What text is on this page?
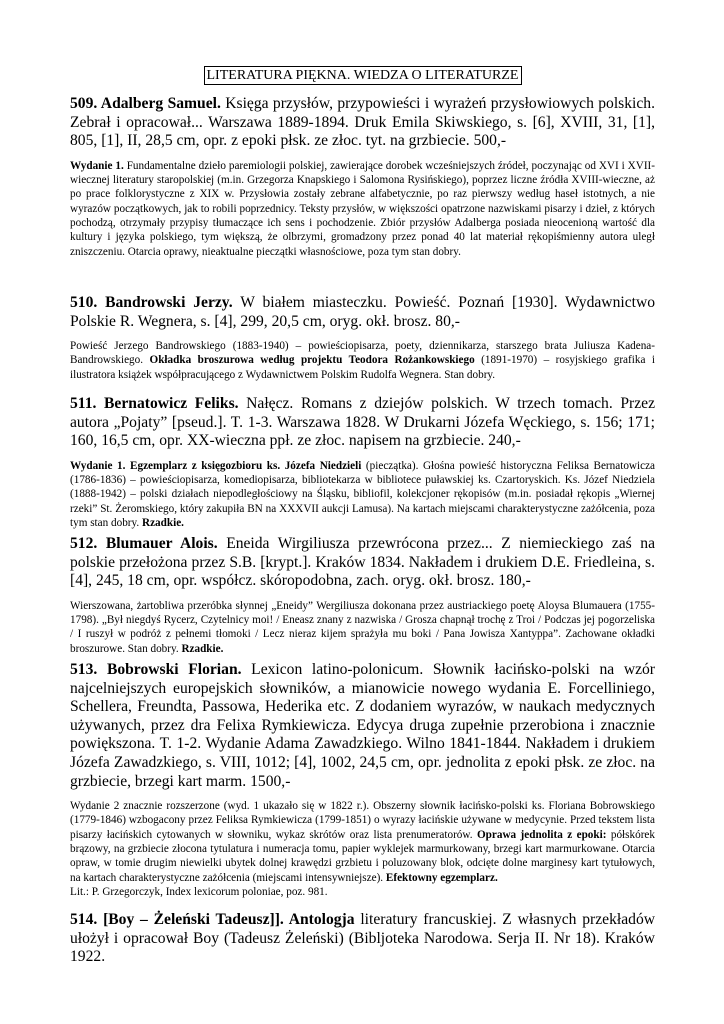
LITERATURA PIĘKNA. WIEDZA O LITERATURZE

509. Adalberg Samuel. Księga przysłów, przypowieści i wyrażeń przysłowiowych polskich. Zebrał i opracował... Warszawa 1889-1894. Druk Emila Skiwskiego, s. [6], XVIII, 31, [1], 805, [1], II, 28,5 cm, opr. z epoki płsk. ze złoc. tyt. na grzbiecie. 500,-

Wydanie 1. Fundamentalne dzieło paremiologii polskiej, zawierające dorobek wcześniejszych źródeł, poczynając od XVI i XVII-wiecznej literatury staropolskiej (m.in. Grzegorza Knapskiego i Salomona Rysińskiego), poprzez liczne źródła XVIII-wieczne, aż po prace folklorystyczne z XIX w. Przysłowia zostały zebrane alfabetycznie, po raz pierwszy według haseł istotnych, a nie wyrazów początkowych, jak to robili poprzednicy. Teksty przysłów, w większości opatrzone nazwiskami pisarzy i dzieł, z których pochodzą, otrzymały przypisy tłumaczące ich sens i pochodzenie. Zbiór przysłów Adalberga posiada nieocenioną wartość dla kultury i języka polskiego, tym większą, że olbrzymi, gromadzony przez ponad 40 lat materiał rękopiśmienny autora uległ zniszczeniu. Otarcia oprawy, nieaktualne pieczątki własnościowe, poza tym stan dobry.

510. Bandrowski Jerzy. W białem miasteczku. Powieść. Poznań [1930]. Wydawnictwo Polskie R. Wegnera, s. [4], 299, 20,5 cm, oryg. okł. brosz. 80,-

Powieść Jerzego Bandrowskiego (1883-1940) – powieściopisarza, poety, dziennikarza, starszego brata Juliusza Kadena-Bandrowskiego. Okładka broszurowa według projektu Teodora Rożankowskiego (1891-1970) – rosyjskiego grafika i ilustratora książek współpracującego z Wydawnictwem Polskim Rudolfa Wegnera. Stan dobry.

511. Bernatowicz Feliks. Nałęcz. Romans z dziejów polskich. W trzech tomach. Przez autora „Pojaty” [pseud.]. T. 1-3. Warszawa 1828. W Drukarni Józefa Węckiego, s. 156; 171; 160, 16,5 cm, opr. XX-wieczna ppł. ze złoc. napisem na grzbiecie. 240,-

Wydanie 1. Egzemplarz z księgozbioru ks. Józefa Niedzieli (pieczątka). Głośna powieść historyczna Feliksa Bernatowicza (1786-1836) – powieściopisarza, komediopisarza, bibliotekarza w bibliotece puławskiej ks. Czartoryskich. Ks. Józef Niedziela (1888-1942) – polski działach niepodległościowy na Śląsku, bibliofil, kolekcjoner rękopisów (m.in. posiadał rękopis „Wiernej rzeki” St. Żeromskiego, który zakupiła BN na XXXVII aukcji Lamusa). Na kartach miejscami charakterystyczne zażółcenia, poza tym stan dobry. Rzadkie.

512. Blumauer Alois. Eneida Wirgiliusza przewrócona przez... Z niemieckiego zaś na polskie przełożona przez S.B. [krypt.]. Kraków 1834. Nakładem i drukiem D.E. Friedleina, s. [4], 245, 18 cm, opr. współcz. skóropodobna, zach. oryg. okł. brosz. 180,-

Wierszowana, żartobliwa przeróbka słynnej „Eneidy” Wergiliusza dokonana przez austriackiego poetę Aloysa Blumauera (1755-1798). „Był niegdyś Rycerz, Czytelnicy moi! / Eneasz znany z nazwiska / Grosza chapnął trochę z Troi / Podczas jej pogorzeliska / I ruszył w podróż z pełnemi tłomoki / Lecz nieraz kijem sprażyła mu boki / Pana Jowisza Xantyppa”. Zachowane okładki broszurowe. Stan dobry. Rzadkie.

513. Bobrowski Florian. Lexicon latino-polonicum. Słownik łacińsko-polski na wzór najcelniejszych europejskich słowników, a mianowicie nowego wydania E. Forcelliniego, Schellera, Freundta, Passowa, Hederika etc. Z dodaniem wyrazów, w naukach medycznych używanych, przez dra Felixa Rymkiewicza. Edycya druga zupełnie przerobiona i znacznie powiększona. T. 1-2. Wydanie Adama Zawadzkiego. Wilno 1841-1844. Nakładem i drukiem Józefa Zawadzkiego, s. VIII, 1012; [4], 1002, 24,5 cm, opr. jednolita z epoki płsk. ze złoc. na grzbiecie, brzegi kart marm. 1500,-

Wydanie 2 znacznie rozszerzone (wyd. 1 ukazało się w 1822 r.). Obszerny słownik łacińsko-polski ks. Floriana Bobrowskiego (1779-1846) wzbogacony przez Feliksa Rymkiewicza (1799-1851) o wyrazy łacińskie używane w medycynie. Przed tekstem lista pisarzy łacińskich cytowanych w słowniku, wykaz skrótów oraz lista prenumeratorów. Oprawa jednolita z epoki: półskórek brązowy, na grzbiecie złocona tytulatura i numeracja tomu, papier wyklejek marmurkowany, brzegi kart marmurkowane. Otarcia opraw, w tomie drugim niewielki ubytek dolnej krawędzi grzbietu i poluzowany blok, odcięte dolne marginesy kart tytułowych, na kartach charakterystyczne zażółcenia (miejscami intensywniejsze). Efektowny egzemplarz.
Lit.: P. Grzegorczyk, Index lexicorum poloniae, poz. 981.

514. [Boy – Żeleński Tadeusz]]. Antologja literatury francuskiej. Z własnych przekładów ułożył i opracował Boy (Tadeusz Żeleński) (Bibljoteka Narodowa. Serja II. Nr 18). Kraków 1922.
